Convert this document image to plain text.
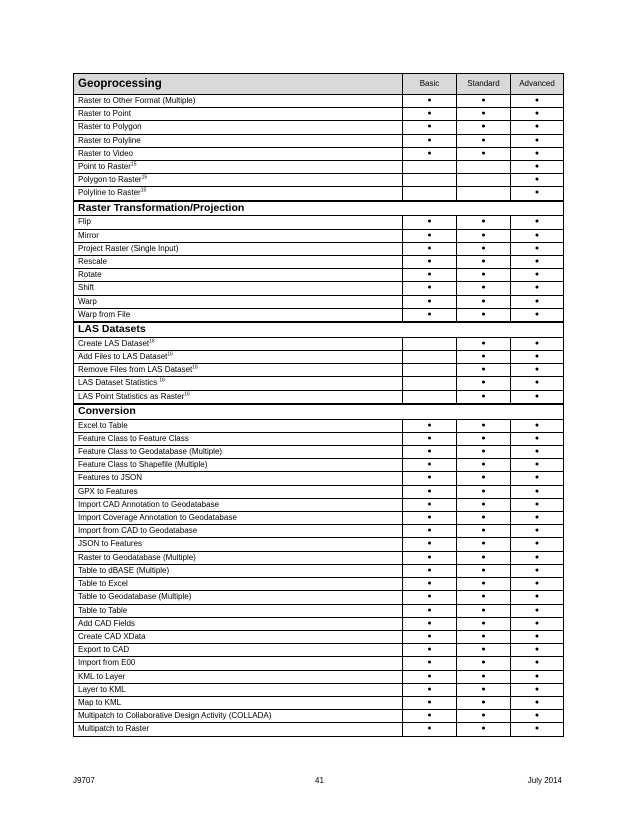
Geoprocessing	Basic	Standard	Advanced
Raster to Other Format (Multiple)	●	●	●
Raster to Point	●	●	●
Raster to Polygon	●	●	●
Raster to Polyline	●	●	●
Raster to Video	●	●	●
Point to Raster$^{15}$			●
Polygon to Raster$^{15}$			●
Polyline to Raster$^{15}$			●
Raster Transformation/Projection			
Flip	●	●	●
Mirror	●	●	●
Project Raster (Single Input)	●	●	●
Rescale	●	●	●
Rotate	●	●	●
Shift	●	●	●
Warp	●	●	●
Warp from File	●	●	●
LAS Datasets			
Create LAS Dataset$^{16}$		●	●
Add Files to LAS Dataset$^{16}$		●	●
Remove Files from LAS Dataset$^{16}$		●	●
LAS Dataset Statistics $^{16}$		●	●
LAS Point Statistics as Raster$^{16}$		●	●
Conversion			
Excel to Table	●	●	●
Feature Class to Feature Class	●	●	●
Feature Class to Geodatabase (Multiple)	●	●	●
Feature Class to Shapefile (Multiple)	●	●	●
Features to JSON	●	●	●
GPX to Features	●	●	●
Import CAD Annotation to Geodatabase	●	●	●
Import Coverage Annotation to Geodatabase	●	●	●
Import from CAD to Geodatabase	●	●	●
JSON to Features	●	●	●
Raster to Geodatabase (Multiple)	●	●	●
Table to dBASE (Multiple)	●	●	●
Table to Excel	●	●	●
Table to Geodatabase (Multiple)	●	●	●
Table to Table	●	●	●
Add CAD Fields	●	●	●
Create CAD XData	●	●	●
Export to CAD	●	●	●
Import from E00	●	●	●
KML to Layer	●	●	●
Layer to KML	●	●	●
Map to KML	●	●	●
Multipatch to Collaborative Design Activity (COLLADA)	●	●	●
Multipatch to Raster	●	●	●
J9707	41	July 2014
